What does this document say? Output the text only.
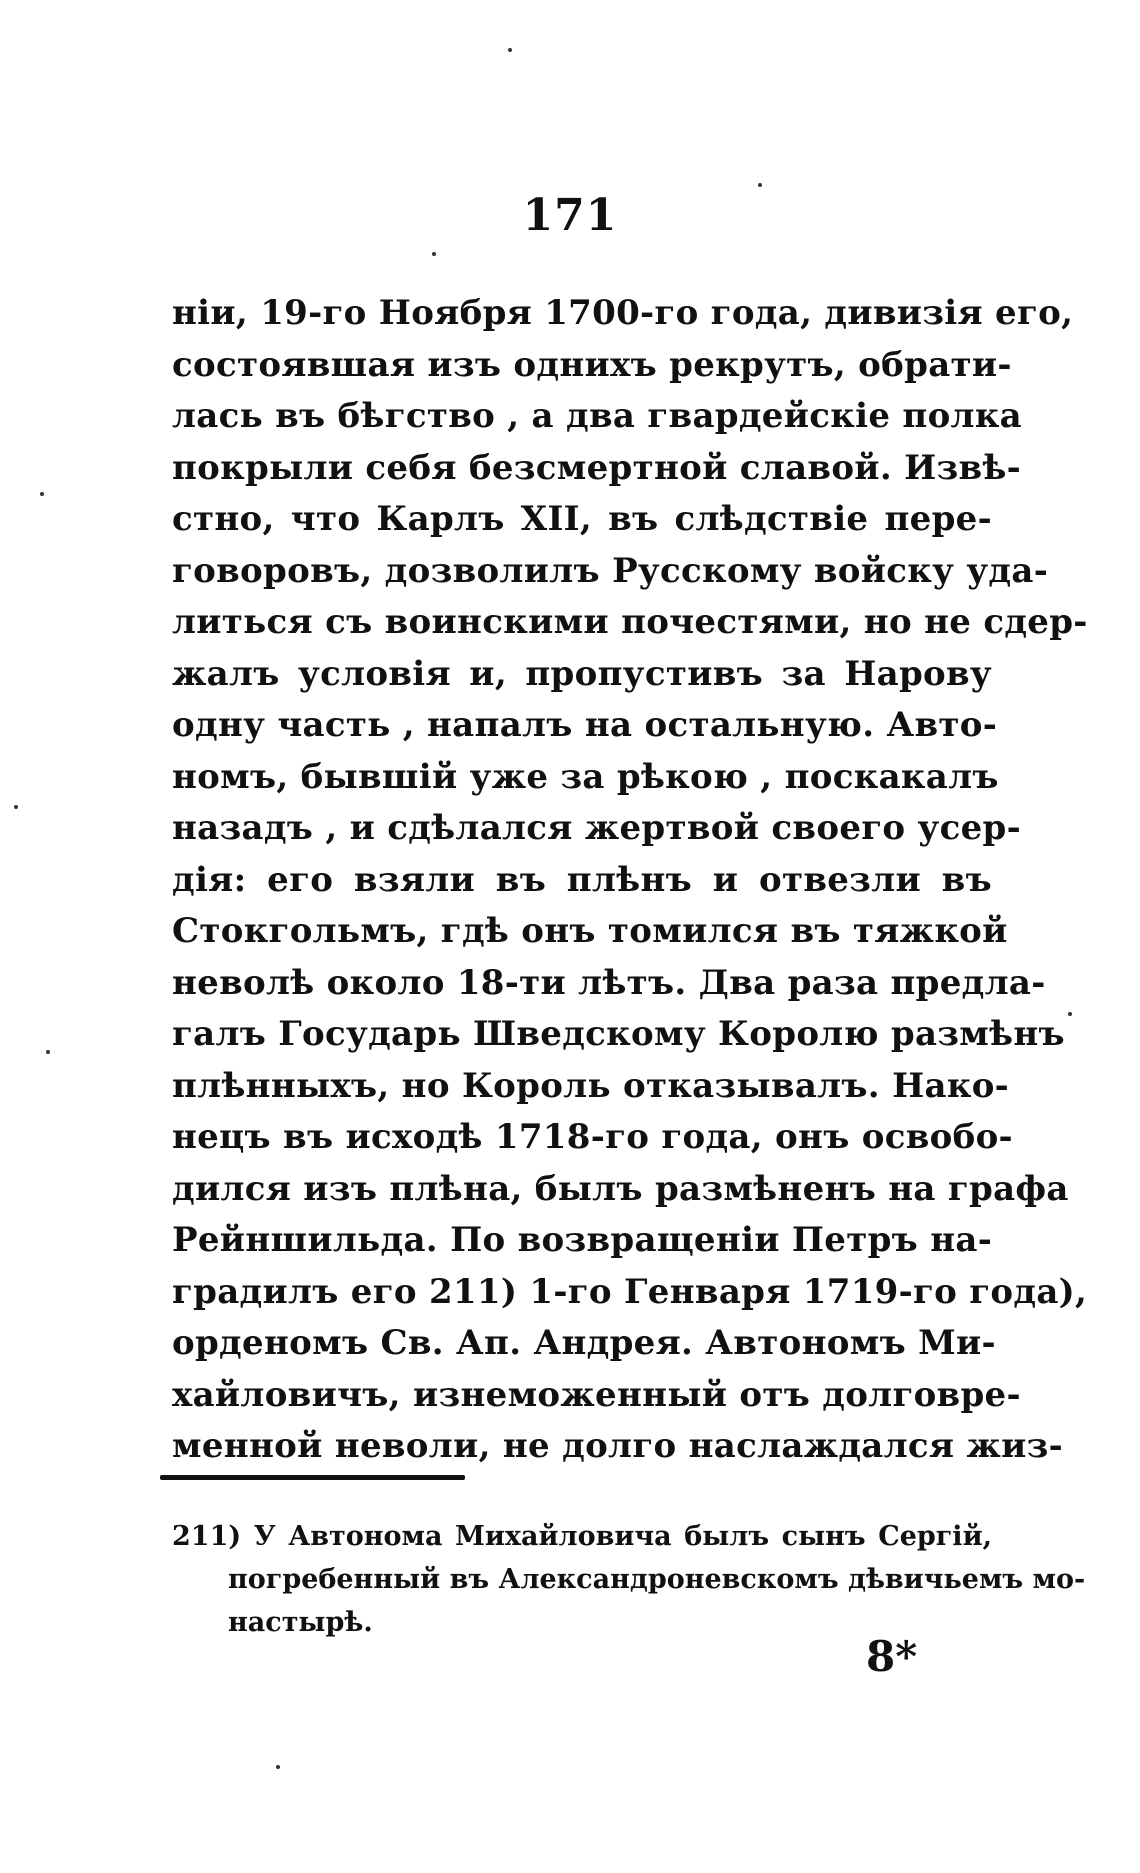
171
нiи, 19-го Ноября 1700-го года, дивизiя его,
состоявшая изъ однихъ рекрутъ, обрати-
лась въ бѣгство , а два гвардейскiе полка
покрыли себя безсмертной славой. Извѣ-
стно, что Карлъ XII, въ слѣдствiе пере-
говоровъ, дозволилъ Русскому войску уда-
литься съ воинскими почестями, но не сдер-
жалъ условiя и, пропустивъ за Нарову
одну часть , напалъ на остальную. Авто-
номъ, бывшiй уже за рѣкою , поскакалъ
назадъ , и сдѣлался жертвой своего усер-
дiя: его взяли въ плѣнъ и отвезли въ
Стокгольмъ, гдѣ онъ томился въ тяжкой
неволѣ около 18-ти лѣтъ. Два раза предла-
галъ Государь Шведскому Королю размѣнъ
плѣнныхъ, но Король отказывалъ. Нако-
нецъ въ исходѣ 1718-го года, онъ освобо-
дился изъ плѣна, былъ размѣненъ на графа
Рейншильда. По возвращенiи Петръ на-
градилъ его 211) 1-го Генваря 1719-го года),
орденомъ Св. Ап. Андрея. Автономъ Ми-
хайловичъ, изнеможенный отъ долговре-
менной неволи, не долго наслаждался жиз-
211) У Автонома Михайловича былъ сынъ Сергiй,
погребенный въ Александроневскомъ дѣвичьемъ мо-
настырѣ.
8*
